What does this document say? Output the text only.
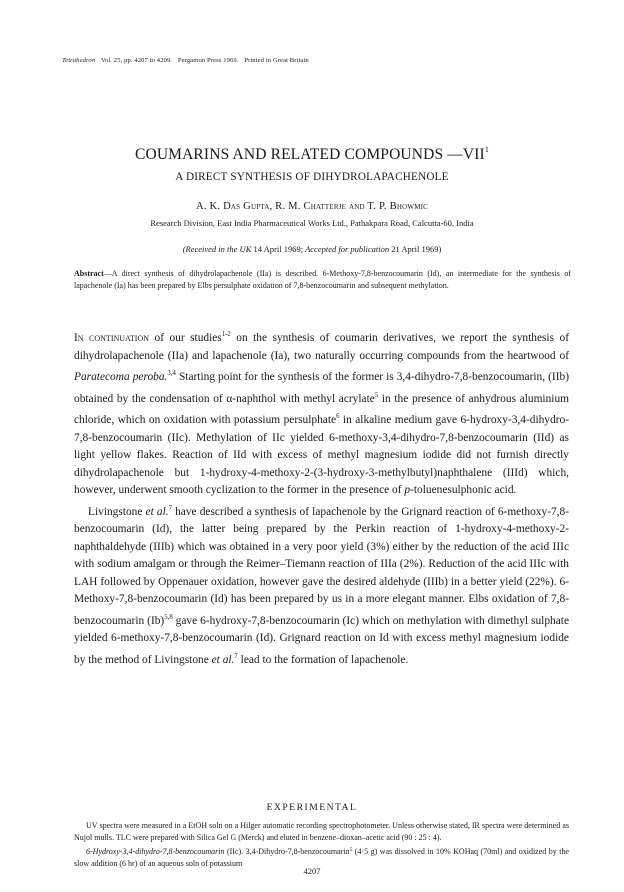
Tetrahedron Vol. 25, pp. 4207 to 4209. Pergamon Press 1969. Printed in Great Britain
COUMARINS AND RELATED COMPOUNDS —VII$^1$
A DIRECT SYNTHESIS OF DIHYDROLAPACHENOLE
A. K. Das Gupta, R. M. Chatterje and T. P. Bhowmic
Research Division, East India Pharmaceutical Works Ltd., Pathakpara Road, Calcutta-60. India
(Received in the UK 14 April 1969; Accepted for publication 21 April 1969)
Abstract—A direct synthesis of dihydrolapachenole (IIa) is described. 6-Methoxy-7,8-benzocoumarin (Id), an intermediate for the synthesis of lapachenole (Ia) has been prepared by Elbs persulphate oxidation of 7,8-benzocoumarin and subsequent methylation.

In continuation of our studies$^{1-2}$ on the synthesis of coumarin derivatives, we report the synthesis of dihydrolapachenole (IIa) and lapachenole (Ia), two naturally occurring compounds from the heartwood of Paratecoma peroba.$^{3,4}$ Starting point for the synthesis of the former is 3,4-dihydro-7,8-benzocoumarin, (IIb) obtained by the condensation of α-naphthol with methyl acrylate$^5$ in the presence of anhydrous aluminium chloride, which on oxidation with potassium persulphate$^6$ in alkaline medium gave 6-hydroxy-3,4-dihydro-7,8-benzocoumarin (IIc). Methylation of IIc yielded 6-methoxy-3,4-dihydro-7,8-benzocoumarin (IId) as light yellow flakes. Reaction of IId with excess of methyl magnesium iodide did not furnish directly dihydrolapachenole but 1-hydroxy-4-methoxy-2-(3-hydroxy-3-methylbutyl)naphthalene (IIId) which, however, underwent smooth cyclization to the former in the presence of p-toluenesulphonic acid.

Livingstone et al.$^7$ have described a synthesis of lapachenole by the Grignard reaction of 6-methoxy-7,8-benzocoumarin (Id), the latter being prepared by the Perkin reaction of 1-hydroxy-4-methoxy-2-naphthaldehyde (IIIb) which was obtained in a very poor yield (3%) either by the reduction of the acid IIIc with sodium amalgam or through the Reimer–Tiemann reaction of IIIa (2%). Reduction of the acid IIIc with LAH followed by Oppenauer oxidation, however gave the desired aldehyde (IIIb) in a better yield (22%). 6-Methoxy-7,8-benzocoumarin (Id) has been prepared by us in a more elegant manner. Elbs oxidation of 7,8-benzocoumarin $(Ib)^{5,8}$ gave 6-hydroxy-7,8-benzocoumarin (Ic) which on methylation with dimethyl sulphate yielded 6-methoxy-7,8-benzocoumarin (Id). Grignard reaction on Id with excess methyl magnesium iodide by the method of Livingstone et al.$^7$ lead to the formation of lapachenole.

EXPERIMENTAL

UV spectra were measured in a EtOH soln on a Hilger automatic recording spectrophotometer. Unless otherwise stated, IR spectra were determined as Nujol mulls. TLC were prepared with Silica Gel G (Merck) and eluted in benzene–dioxan–acetic acid (90 : 25 : 4).

6-Hydroxy-3,4-dihydro-7,8-benzocoumarin (IIc). 3,4-Dihydro-7,8-benzocoumarin$^5$ (4·5 g) was dissolved in 10% KOHaq (70ml) and oxidized by the slow addition (6 hr) of an aqueous soln of potassium

4207
